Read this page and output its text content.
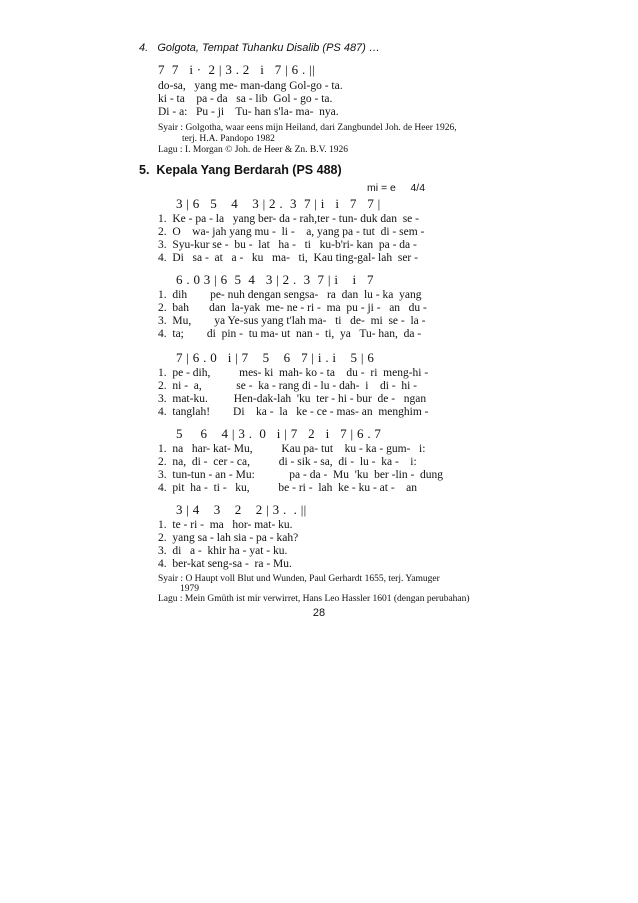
4.   Golgota, Tempat Tuhanku Disalib (PS 487) …
7  7   i ·  2 | 3 . 2   i   7 | 6 . ||
do-sa,   yang me- man-dang Gol-go - ta.
ki - ta    pa - da   sa - lib  Gol - go - ta.
Di - a:   Pu - ji    Tu- han s'la- ma-  nya.
Syair : Golgotha, waar eens mijn Heiland, dari Zangbundel Joh. de Heer 1926,
terj. H.A. Pandopo 1982
Lagu : I. Morgan © Joh. de Heer & Zn. B.V. 1926
5.  Kepala Yang Berdarah (PS 488)
mi = e     4/4
3 | 6   5    4    3 | 2 .  3  7 | i   i   7   7 |
1.  Ke - pa - la   yang ber- da - rah,ter - tun- duk dan  se -
2.  O    wa- jah yang mu -  li -    a, yang pa - tut  di - sem -
3.  Syu-kur se -  bu -  lat   ha -   ti   ku-b'ri- kan  pa - da -
4.  Di   sa -  at   a -   ku   ma-   ti,  Kau ting-gal- lah  ser -
6 . 0 3 | 6  5  4   3 | 2 .  3  7 | i    i   7
1.  dih        pe- nuh dengan sengsa-   ra  dan  lu - ka  yang
2.  bah       dan  la-yak  me- ne - ri -  ma  pu - ji -   an   du -
3.  Mu,        ya Ye-sus yang t'lah ma-   ti   de-  mi  se -  la -
4.  ta;        di  pin -  tu ma- ut  nan -  ti,  ya   Tu- han,  da -
7 | 6 . 0   i | 7    5    6   7 | i . i    5 | 6
1.  pe - dih,          mes- ki  mah- ko - ta    du -  ri  meng-hi -
2.  ni -  a,            se -  ka - rang di - lu - dah-  i    di -  hi -
3.  mat-ku.         Hen-dak-lah  'ku  ter - hi - bur  de -   ngan
4.  tanglah!        Di    ka -  la   ke - ce - mas- an  menghim -
5     6    4 | 3 .  0   i | 7   2   i   7 | 6 . 7
1.  na   har- kat- Mu,          Kau pa- tut    ku - ka - gum-   i:
2.  na,  di -  cer - ca,          di - sik - sa,  di -  lu -  ka -    i:
3.  tun-tun - an - Mu:            pa - da -  Mu  'ku  ber -lin -  dung
4.  pit  ha -  ti -   ku,          be - ri -  lah  ke - ku - at -    an
3 | 4    3    2    2 | 3 .  . ||
1.  te - ri -  ma   hor- mat- ku.
2.  yang sa - lah sia - pa - kah?
3.  di   a -  khir ha - yat - ku.
4.  ber-kat seng-sa -  ra - Mu.
Syair : O Haupt voll Blut und Wunden, Paul Gerhardt 1655, terj. Yamuger
1979
Lagu : Mein Gmüth ist mir verwirret, Hans Leo Hassler 1601 (dengan perubahan)
28
